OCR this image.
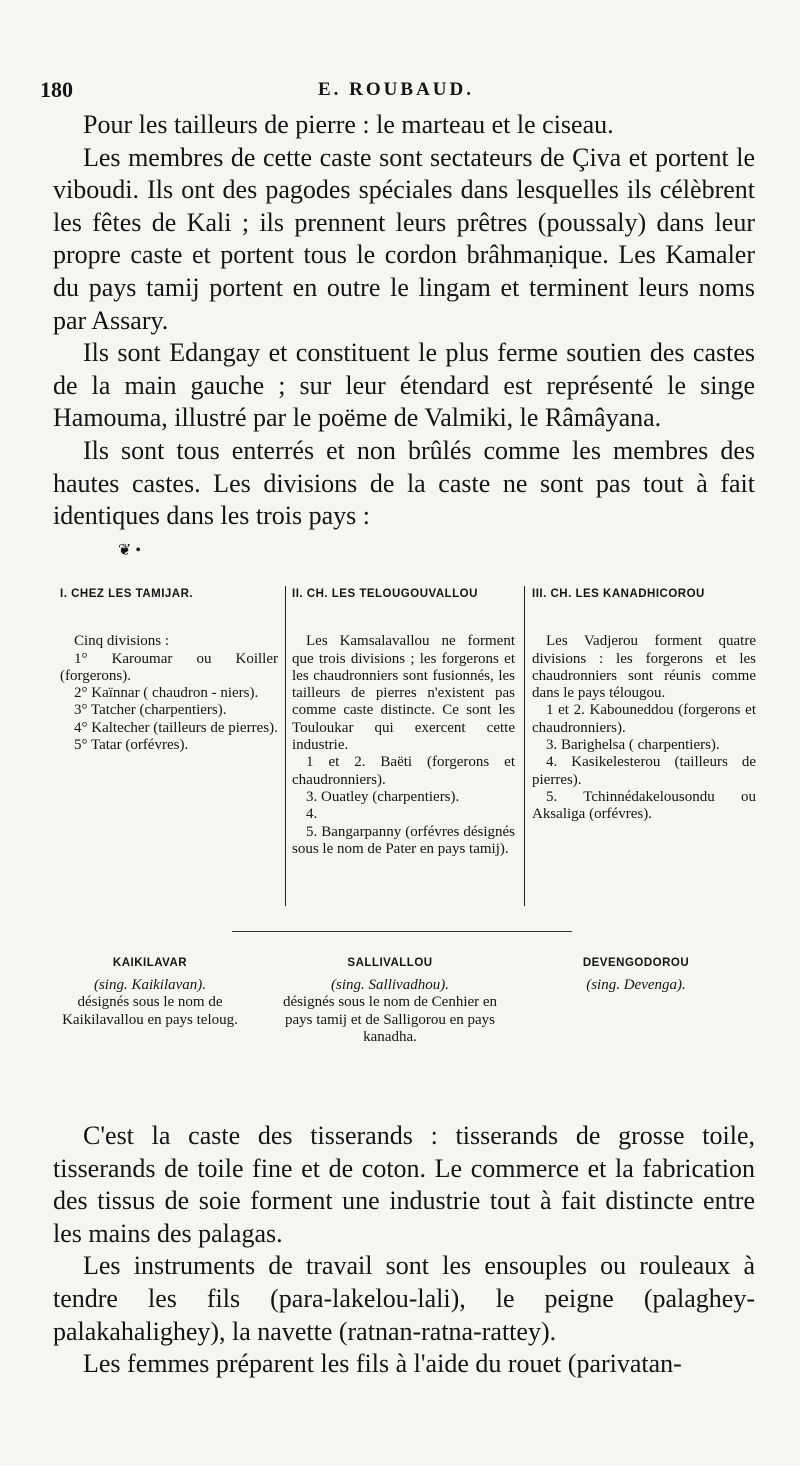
180	E. ROUBAUD.

Pour les tailleurs de pierre : le marteau et le ciseau.

Les membres de cette caste sont sectateurs de Çiva et portent le viboudi. Ils ont des pagodes spéciales dans lesquelles ils célèbrent les fêtes de Kali ; ils prennent leurs prêtres (poussaly) dans leur propre caste et portent tous le cordon brâhmaṇique. Les Kamaler du pays tamij portent en outre le lingam et terminent leurs noms par Assary.

Ils sont Edangay et constituent le plus ferme soutien des castes de la main gauche ; sur leur étendard est représenté le singe Hamouma, illustré par le poëme de Valmiki, le Râmâyana.

Ils sont tous enterrés et non brûlés comme les membres des hautes castes. Les divisions de la caste ne sont pas tout à fait identiques dans les trois pays :

❦ •
I. CHEZ LES TAMIJAR.

Cinq divisions :

1° Karoumar ou Koiller (forgerons).

2° Kaïnnar ( chaudron - niers).

3° Tatcher (charpentiers).

4° Kaltecher (tailleurs de pierres).

5° Tatar (orfévres).

II. CH. LES TELOUGOUVALLOU

Les Kamsalavallou ne forment que trois divisions ; les forgerons et les chaudronniers sont fusionnés, les tailleurs de pierres n'existent pas comme caste distincte. Ce sont les Touloukar qui exercent cette industrie.

1 et 2. Baëti (forgerons et chaudronniers).

3. Ouatley (charpentiers).

4.

5. Bangarpanny (orfévres désignés sous le nom de Pater en pays tamij).

III. CH. LES KANADHICOROU

Les Vadjerou forment quatre divisions : les forgerons et les chaudronniers sont réunis comme dans le pays télougou.

1 et 2. Kabouneddou (forgerons et chaudronniers).

3. Barighelsa ( charpentiers).

4. Kasikelesterou (tailleurs de pierres).

5. Tchinnédakelousondu ou Aksaliga (orfévres).

KAIKILAVAR
(sing. Kaikilavan).
désignés sous le nom de Kaikilavallou en pays teloug.
SALLIVALLOU
(sing. Sallivadhou).
désignés sous le nom de Cenhier en pays tamij et de Salligorou en pays kanadha.
DEVENGODOROU
(sing. Devenga).

C'est la caste des tisserands : tisserands de grosse toile, tisserands de toile fine et de coton. Le commerce et la fabrication des tissus de soie forment une industrie tout à fait distincte entre les mains des palagas.

Les instruments de travail sont les ensouples ou rouleaux à tendre les fils (para-lakelou-lali), le peigne (palaghey-palakahalighey), la navette (ratnan-ratna-rattey).

Les femmes préparent les fils à l'aide du rouet (parivatan-
